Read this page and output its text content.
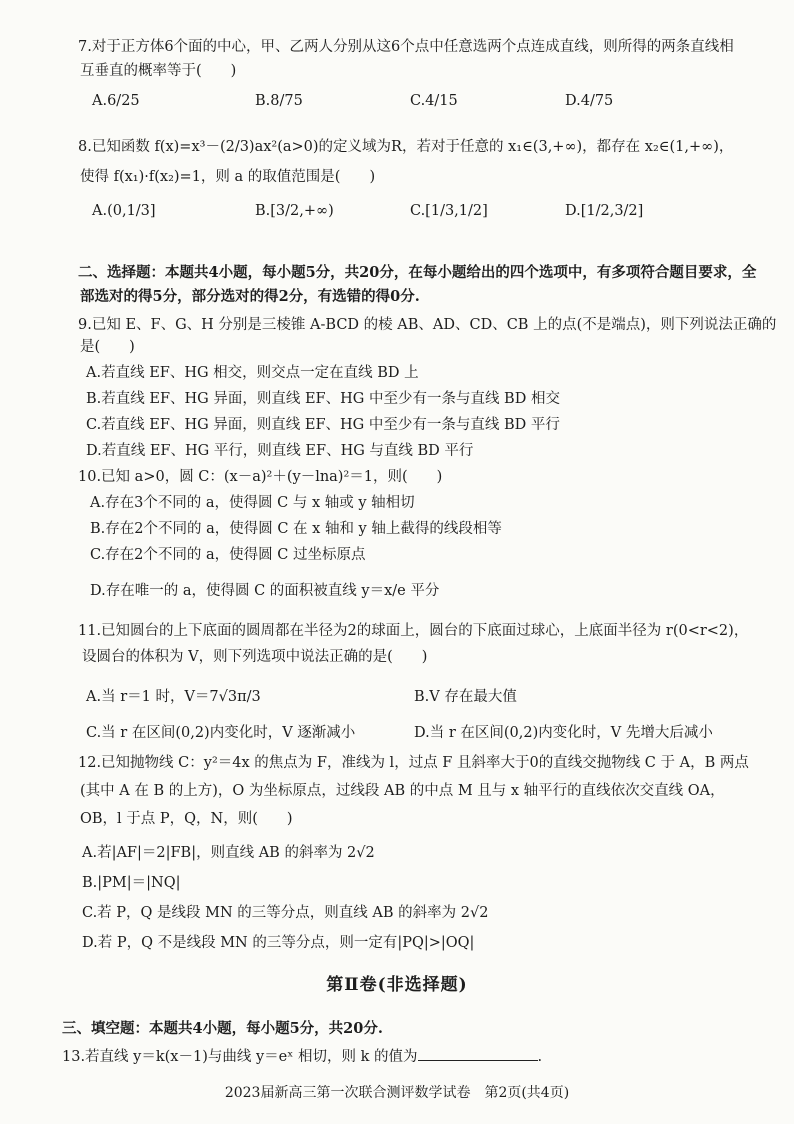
7.对于正方体6个面的中心，甲、乙两人分别从这6个点中任意选两个点连成直线，则所得的两条直线相
互垂直的概率等于(　　)
A.6/25	B.8/75	C.4/15	D.4/75
8.已知函数 f(x)=x³－(2/3)ax²(a>0)的定义域为R，若对于任意的 x₁∈(3,+∞)，都存在 x₂∈(1,+∞)，
使得 f(x₁)·f(x₂)=1，则 a 的取值范围是(　　)
A.(0,1/3]	B.[3/2,+∞)	C.[1/3,1/2]	D.[1/2,3/2]
二、选择题：本题共4小题，每小题5分，共20分，在每小题给出的四个选项中，有多项符合题目要求，全
部选对的得5分，部分选对的得2分，有选错的得0分.
9.已知 E、F、G、H 分别是三棱锥 A-BCD 的棱 AB、AD、CD、CB 上的点(不是端点)，则下列说法正确的
是(　　)
A.若直线 EF、HG 相交，则交点一定在直线 BD 上
B.若直线 EF、HG 异面，则直线 EF、HG 中至少有一条与直线 BD 相交
C.若直线 EF、HG 异面，则直线 EF、HG 中至少有一条与直线 BD 平行
D.若直线 EF、HG 平行，则直线 EF、HG 与直线 BD 平行
10.已知 a>0，圆 C：(x－a)²＋(y－lna)²＝1，则(　　)
A.存在3个不同的 a，使得圆 C 与 x 轴或 y 轴相切
B.存在2个不同的 a，使得圆 C 在 x 轴和 y 轴上截得的线段相等
C.存在2个不同的 a，使得圆 C 过坐标原点
D.存在唯一的 a，使得圆 C 的面积被直线 y＝x/e 平分
11.已知圆台的上下底面的圆周都在半径为2的球面上，圆台的下底面过球心，上底面半径为 r(0<r<2)，
设圆台的体积为 V，则下列选项中说法正确的是(　　)
A.当 r＝1 时，V＝7√3π/3	B.V 存在最大值
C.当 r 在区间(0,2)内变化时，V 逐渐减小	D.当 r 在区间(0,2)内变化时，V 先增大后减小
12.已知抛物线 C：y²＝4x 的焦点为 F，准线为 l，过点 F 且斜率大于0的直线交抛物线 C 于 A，B 两点
(其中 A 在 B 的上方)，O 为坐标原点，过线段 AB 的中点 M 且与 x 轴平行的直线依次交直线 OA，
OB，l 于点 P，Q，N，则(　　)
A.若|AF|＝2|FB|，则直线 AB 的斜率为 2√2
B.|PM|＝|NQ|
C.若 P，Q 是线段 MN 的三等分点，则直线 AB 的斜率为 2√2
D.若 P，Q 不是线段 MN 的三等分点，则一定有|PQ|>|OQ|
第Ⅱ卷(非选择题)
三、填空题：本题共4小题，每小题5分，共20分.
13.若直线 y＝k(x－1)与曲线 y＝eˣ 相切，则 k 的值为	.
2023届新高三第一次联合测评数学试卷　第2页(共4页)
